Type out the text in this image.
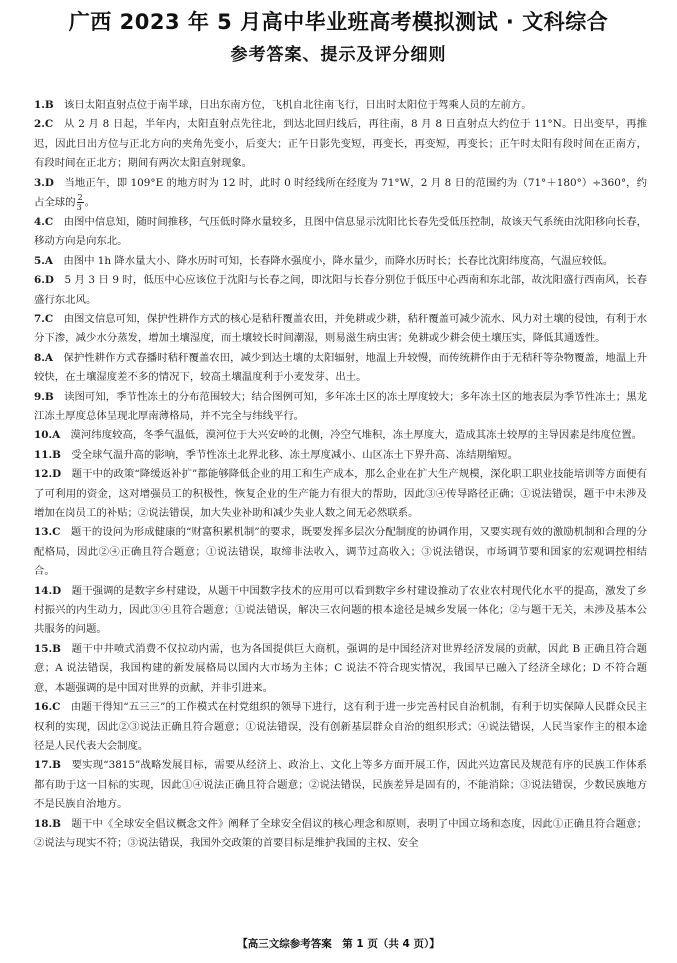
广西 2023 年 5 月高中毕业班高考模拟测试 · 文科综合
参考答案、提示及评分细则
1.B　 该日太阳直射点位于南半球，日出东南方位，飞机自北往南飞行，日出时太阳位于驾乘人员的左前方。
2.C　 从 2 月 8 日起，半年内，太阳直射点先往北，到达北回归线后，再往南，8 月 8 日直射点大约位于 11°N。日出变早，再推迟，因此日出方位与正北方向的夹角先变小，后变大；正午日影先变短，再变长，再变短，再变长；正午时太阳有段时间在正南方，有段时间在正北方；期间有两次太阳直射现象。
3.D　 当地正午，即 109°E 的地方时为 12 时，此时 0 时经线所在经度为 71°W，2 月 8 日的范围约为（71°＋180°）÷360°，约占全球的 $\frac{2}{3}$ 。
4.C　 由图中信息知，随时间推移，气压低时降水量较多，且图中信息显示沈阳比长春先受低压控制，故该天气系统由沈阳移向长春，移动方向是向东北。
5.A　 由图中 1h 降水量大小、降水历时可知，长春降水强度小，降水量少，而降水历时长；长春比沈阳纬度高，气温应较低。
6.D　 5 月 3 日 9 时，低压中心应该位于沈阳与长春之间，即沈阳与长春分别位于低压中心西南和东北部，故沈阳盛行西南风，长春盛行东北风。
7.C　 由图文信息可知，保护性耕作方式的核心是秸秆覆盖农田，并免耕或少耕，秸秆覆盖可减少流水、风力对土壤的侵蚀，有利于水分下渗，减少水分蒸发，增加土壤湿度，而土壤较长时间潮湿，则易滋生病虫害；免耕或少耕会使土壤压实，降低其通透性。
8.A　 保护性耕作方式春播时秸秆覆盖农田，减少到达土壤的太阳辐射，地温上升较慢，而传统耕作由于无秸秆等杂物覆盖，地温上升较快，在土壤湿度差不多的情况下，较高土壤温度利于小麦发芽、出土。
9.B　 读图可知，季节性冻土的分布范围较大；结合图例可知，多年冻土区的冻土厚度较大；多年冻土区的地表层为季节性冻土；黑龙江冻土厚度总体呈现北厚南薄格局，并不完全与纬线平行。
10.A　 漠河纬度较高，冬季气温低，漠河位于大兴安岭的北侧，冷空气堆积，冻土厚度大，造成其冻土较厚的主导因素是纬度位置。
11.B　 受全球气温升高的影响，季节性冻土北界北移、冻土厚度减小、山区冻土下界升高、冻结期缩短。
12.D　 题干中的政策“降缓返补扩”都能够降低企业的用工和生产成本，那么企业在扩大生产规模，深化职工职业技能培训等方面便有了可利用的资金，这对增强员工的积极性，恢复企业的生产能力有很大的帮助，因此③④传导路径正确；①说法错误，题干中未涉及增加在岗员工的补贴；②说法错误，加大失业补助和减少失业人数之间无必然联系。
13.C　 题干的设问为形成健康的“财富积累机制”的要求，既要发挥多层次分配制度的协调作用，又要实现有效的激励机制和合理的分配格局，因此②④正确且符合题意；①说法错误，取缔非法收入，调节过高收入；③说法错误，市场调节要和国家的宏观调控相结合。
14.D　 题干强调的是数字乡村建设，从题干中国数字技术的应用可以看到数字乡村建设推动了农业农村现代化水平的提高，激发了乡村振兴的内生动力，因此③④且符合题意；①说法错误，解决三农问题的根本途径是城乡发展一体化；②与题干无关，未涉及基本公共服务的问题。
15.B　 题干中井喷式消费不仅拉动内需，也为各国提供巨大商机，强调的是中国经济对世界经济发展的贡献，因此 B 正确且符合题意；A 说法错误，我国构建的新发展格局以国内大市场为主体；C 说法不符合现实情况，我国早已融入了经济全球化；D 不符合题意，本题强调的是中国对世界的贡献，并非引进来。
16.C　 由题干得知“五三三”的工作模式在村党组织的领导下进行，这有利于进一步完善村民自治机制，有利于切实保障人民群众民主权利的实现，因此②③说法正确且符合题意；①说法错误，没有创新基层群众自治的组织形式；④说法错误，人民当家作主的根本途径是人民代表大会制度。
17.B　 要实现“3815”战略发展目标，需要从经济上、政治上、文化上等多方面开展工作，因此兴边富民及规范有序的民族工作体系都有助于这一目标的实现，因此①④说法正确且符合题意；②说法错误，民族差异是固有的，不能消除；③说法错误，少数民族地方不是民族自治地方。
18.B　 题干中《全球安全倡议概念文件》阐释了全球安全倡议的核心理念和原则，表明了中国立场和态度，因此①正确且符合题意；②说法与现实不符；③说法错误，我国外交政策的首要目标是维护我国的主权、安全
【高三文综参考答案　第 1 页（共 4 页）】
